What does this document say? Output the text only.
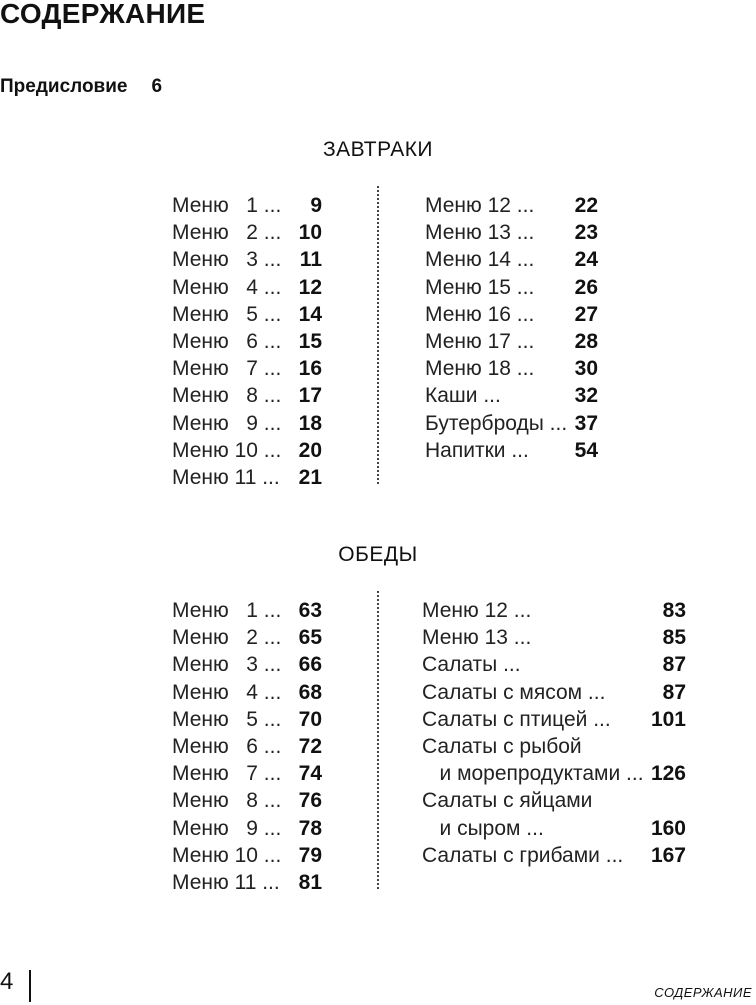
СОДЕРЖАНИЕ
Предисловие 6
ЗАВТРАКИ
Меню   1 ... 9
Меню   2 ... 10
Меню   3 ... 11
Меню   4 ... 12
Меню   5 ... 14
Меню   6 ... 15
Меню   7 ... 16
Меню   8 ... 17
Меню   9 ... 18
Меню 10 ... 20
Меню 11 ... 21
Меню 12 ... 22
Меню 13 ... 23
Меню 14 ... 24
Меню 15 ... 26
Меню 16 ... 27
Меню 17 ... 28
Меню 18 ... 30
Каши ...	32
Бутерброды ... 37
Напитки ... 54
ОБЕДЫ
Меню   1 ... 63
Меню   2 ... 65
Меню   3 ... 66
Меню   4 ... 68
Меню   5 ... 70
Меню   6 ... 72
Меню   7 ... 74
Меню   8 ... 76
Меню   9 ... 78
Меню 10 ... 79
Меню 11 ... 81
Меню 12 ...	83
Меню 13 ...	85
Салаты ...	87
Салаты с мясом ...	87
Салаты с птицей ... 101
Салаты с рыбой
и морепродуктами ... 126
Салаты с яйцами
и сыром ...	160
Салаты с грибами ... 167
4	СОДЕРЖАНИЕ
